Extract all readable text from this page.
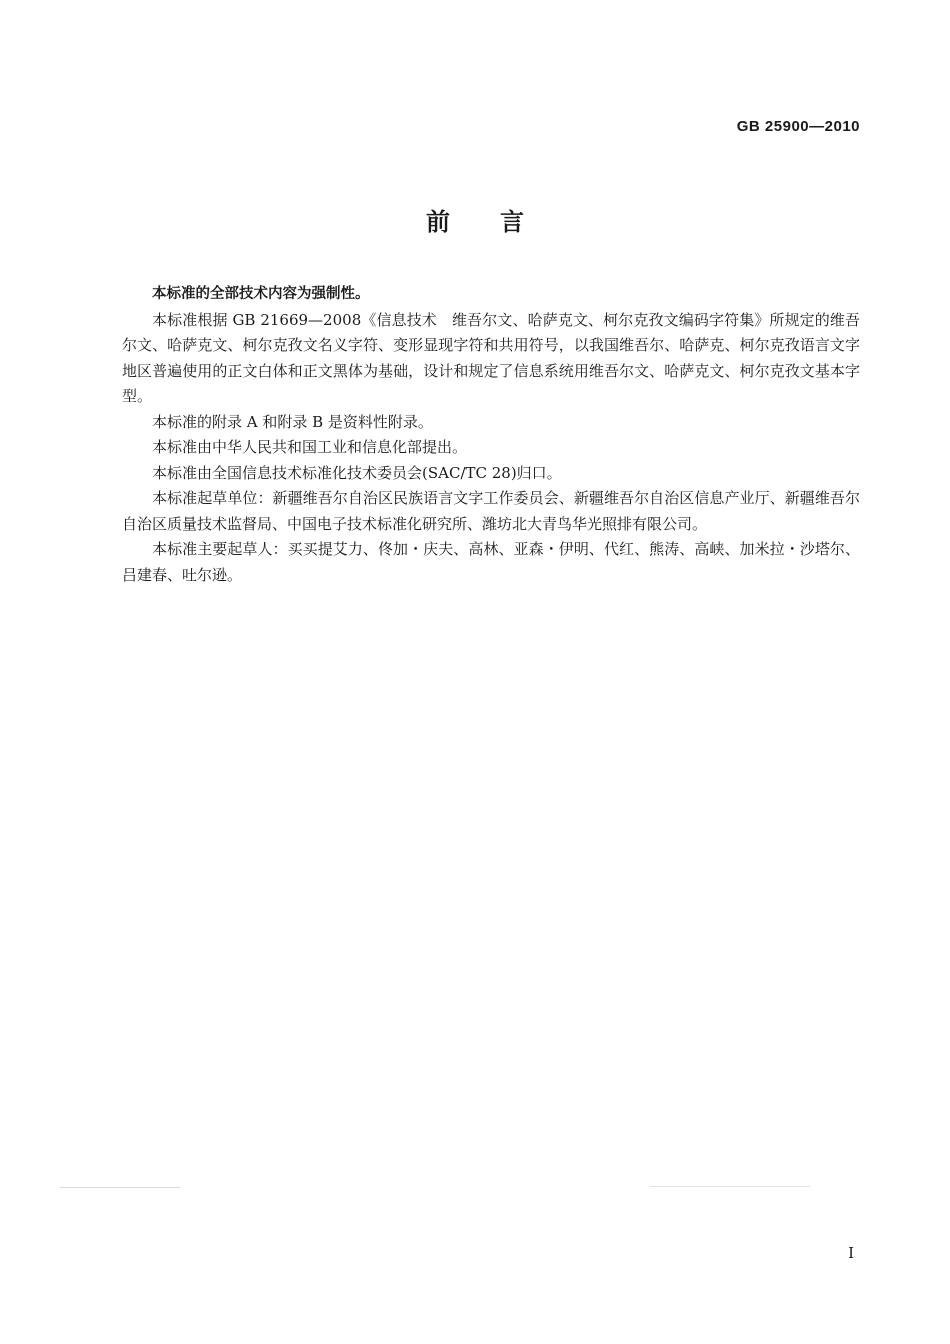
GB 25900—2010
前言

本标准的全部技术内容为强制性。

本标准根据 GB 21669—2008《信息技术　维吾尔文、哈萨克文、柯尔克孜文编码字符集》所规定的维吾尔文、哈萨克文、柯尔克孜文名义字符、变形显现字符和共用符号，以我国维吾尔、哈萨克、柯尔克孜语言文字地区普遍使用的正文白体和正文黑体为基础，设计和规定了信息系统用维吾尔文、哈萨克文、柯尔克孜文基本字型。

本标准的附录 A 和附录 B 是资料性附录。

本标准由中华人民共和国工业和信息化部提出。

本标准由全国信息技术标准化技术委员会(SAC/TC 28)归口。

本标准起草单位：新疆维吾尔自治区民族语言文字工作委员会、新疆维吾尔自治区信息产业厅、新疆维吾尔自治区质量技术监督局、中国电子技术标准化研究所、潍坊北大青鸟华光照排有限公司。

本标准主要起草人：买买提艾力、佟加・庆夫、高林、亚森・伊明、代红、熊涛、高峡、加米拉・沙塔尔、吕建春、吐尔逊。

I
